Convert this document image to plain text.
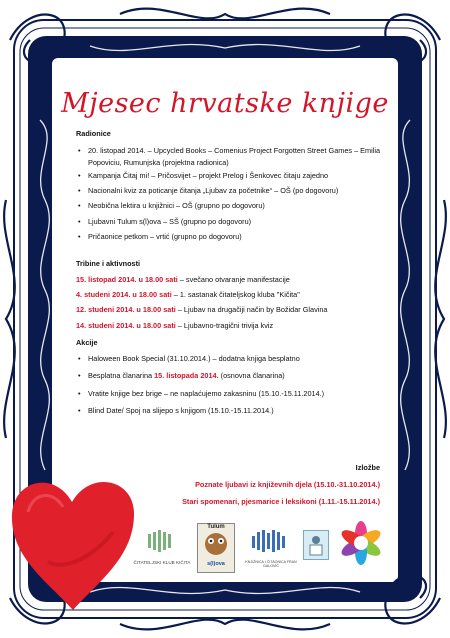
Mjesec hrvatske knjige

Radionice

• 20. listopad 2014. – Upcycled Books – Comenius Project Forgotten Street Games – Emilia Popoviciu, Rumunjska (projektna radionica)
• Kampanja Čitaj mi! – Pričosvijet – projekt Prelog i Šenkovec čitaju zajedno
• Nacionalni kviz za poticanje čitanja „Ljubav za početnike“ – OŠ (po dogovoru)
• Neobična lektira u knjižnici – OŠ (grupno po dogovoru)
• Ljubavni Tulum s(l)ova – SŠ (grupno po dogovoru)
• Pričaonice petkom – vrtić (grupno po dogovoru)

Tribine i aktivnosti

15. listopad 2014. u 18.00 sati – svečano otvaranje manifestacije
4. studeni 2014. u 18.00 sati – 1. sastanak čitateljskog kluba "Kičita"
12. studeni 2014. u 18.00 sati – Ljubav na drugačiji način by Božidar Glavina
14. studeni 2014. u 18.00 sati – Ljubavno-tragični trivija kviz

Akcije

• Haloween Book Special (31.10.2014.) – dodatna knjiga besplatno
• Besplatna članarina 15. listopada 2014. (osnovna članarina)
• Vratite knjige bez brige – ne naplaćujemo zakasninu (15.10.-15.11.2014.)
• Blind Date/ Spoj na slijepo s knjigom (15.10.-15.11.2014.)
Izložbe
Poznate ljubavi iz književnih djela (15.10.-31.10.2014.)
Stari spomenari, pjesmarice i leksikoni (1.11.-15.11.2014.)
ČITATELJSKI KLUB KIČITA
Tulum
s(l)ova	KNJIŽNICA I ČITAONICA FRAN GALOVIĆ
